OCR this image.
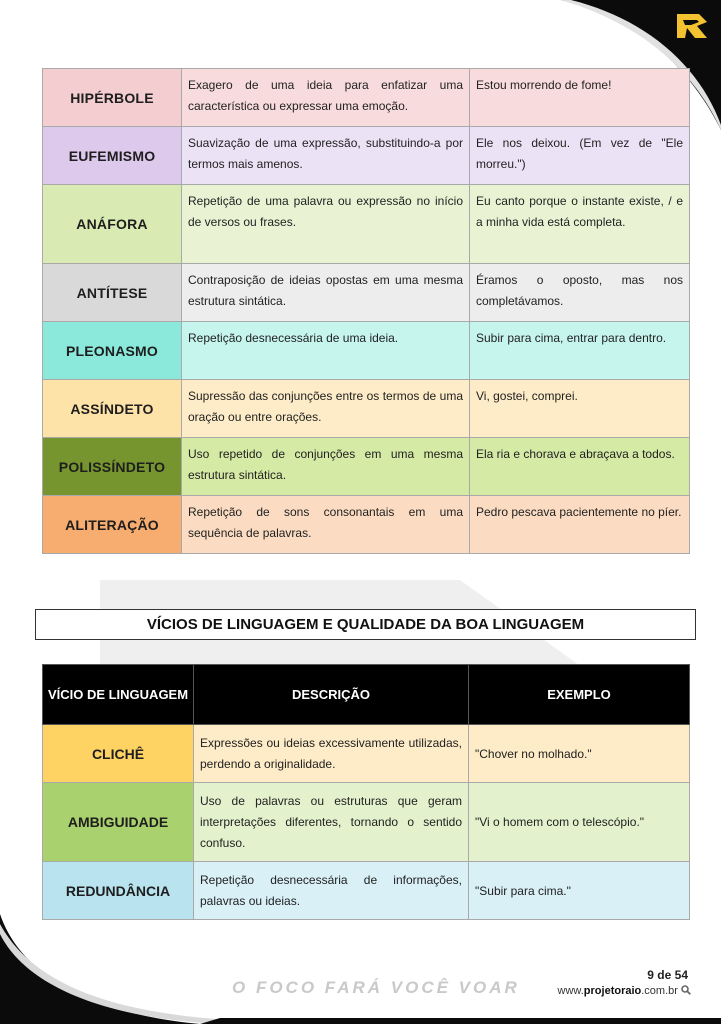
HIPÉRBOLE	Exagero de uma ideia para enfatizar uma característica ou expressar uma emoção.	Estou morrendo de fome!
EUFEMISMO	Suavização de uma expressão, substituindo-a por termos mais amenos.	Ele nos deixou. (Em vez de "Ele morreu.")
ANÁFORA	Repetição de uma palavra ou expressão no início de versos ou frases.	Eu canto porque o instante existe, / e a minha vida está completa.
ANTÍTESE	Contraposição de ideias opostas em uma mesma estrutura sintática.	Éramos o oposto, mas nos completávamos.
PLEONASMO	Repetição desnecessária de uma ideia.	Subir para cima, entrar para dentro.
ASSÍNDETO	Supressão das conjunções entre os termos de uma oração ou entre orações.	Vi, gostei, comprei.
POLISSÍNDETO	Uso repetido de conjunções em uma mesma estrutura sintática.	Ela ria e chorava e abraçava a todos.
ALITERAÇÃO	Repetição de sons consonantais em uma sequência de palavras.	Pedro pescava pacientemente no píer.
VÍCIOS DE LINGUAGEM E QUALIDADE DA BOA LINGUAGEM
VÍCIO DE LINGUAGEM	DESCRIÇÃO	EXEMPLO
CLICHÊ	Expressões ou ideias excessivamente utilizadas, perdendo a originalidade.	"Chover no molhado."
AMBIGUIDADE	Uso de palavras ou estruturas que geram interpretações diferentes, tornando o sentido confuso.	"Vi o homem com o telescópio."
REDUNDÂNCIA	Repetição desnecessária de informações, palavras ou ideias.	"Subir para cima."
O FOCO FARÁ VOCÊ VOAR
9 de 54
www.projetoraio.com.br
